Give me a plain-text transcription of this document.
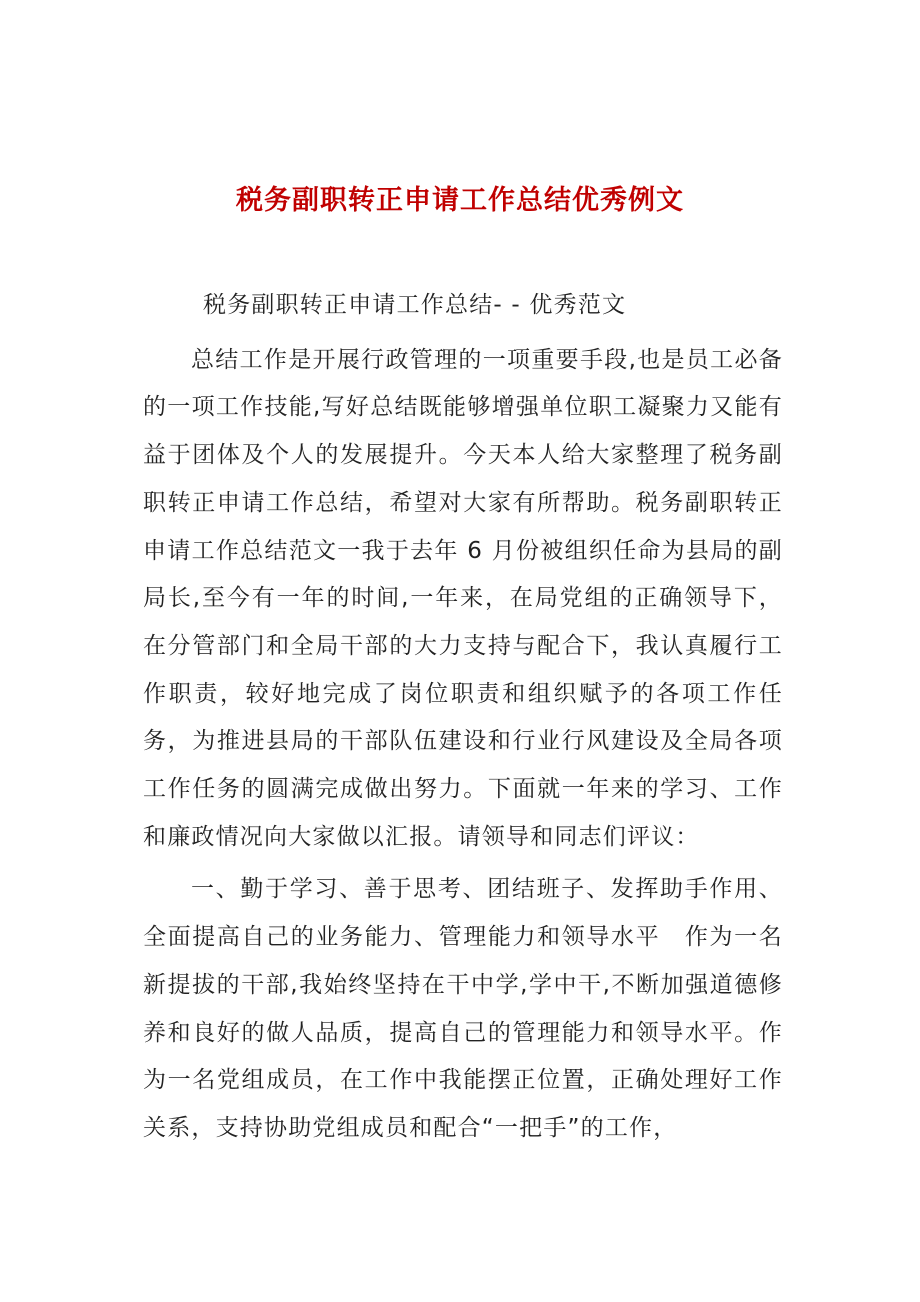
税务副职转正申请工作总结优秀例文

税务副职转正申请工作总结- - 优秀范文

总结工作是开展行政管理的一项重要手段,也是员工必备的一项工作技能,写好总结既能够增强单位职工凝聚力又能有益于团体及个人的发展提升。今天本人给大家整理了税务副职转正申请工作总结，希望对大家有所帮助。税务副职转正申请工作总结范文一我于去年 6 月份被组织任命为县局的副局长,至今有一年的时间,一年来，在局党组的正确领导下，在分管部门和全局干部的大力支持与配合下，我认真履行工作职责，较好地完成了岗位职责和组织赋予的各项工作任务，为推进县局的干部队伍建设和行业行风建设及全局各项工作任务的圆满完成做出努力。下面就一年来的学习、工作和廉政情况向大家做以汇报。请领导和同志们评议：

一、勤于学习、善于思考、团结班子、发挥助手作用、全面提高自己的业务能力、管理能力和领导水平　作为一名新提拔的干部,我始终坚持在干中学,学中干,不断加强道德修养和良好的做人品质，提高自己的管理能力和领导水平。作为一名党组成员，在工作中我能摆正位置，正确处理好工作关系，支持协助党组成员和配合“一把手”的工作，
